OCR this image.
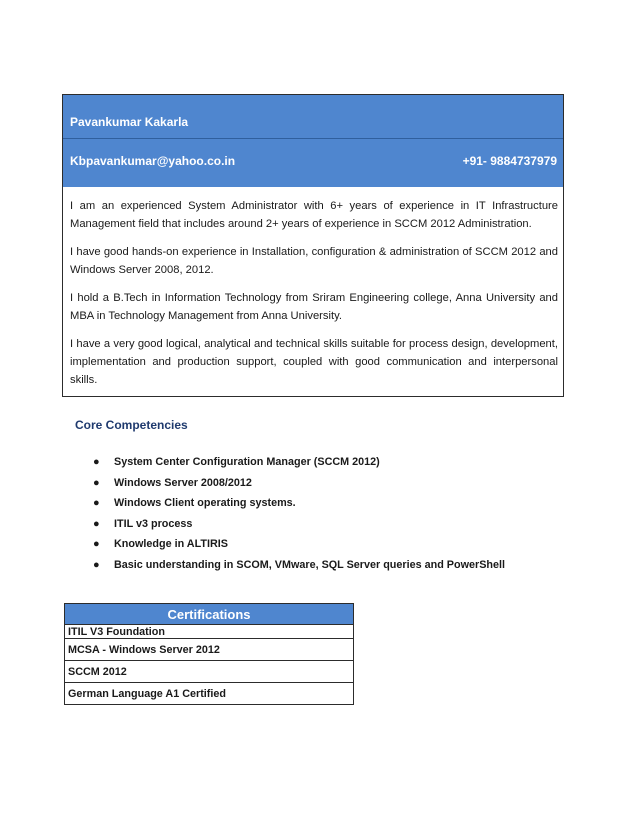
Pavankumar Kakarla
Kbpavankumar@yahoo.co.in	+91- 9884737979

I am an experienced System Administrator with 6+ years of experience in IT Infrastructure Management field that includes around 2+ years of experience in SCCM 2012 Administration.

I have good hands-on experience in Installation, configuration & administration of SCCM 2012 and Windows Server 2008, 2012.

I hold a B.Tech in Information Technology from Sriram Engineering college, Anna University and MBA in Technology Management from Anna University.

I have a very good logical, analytical and technical skills suitable for process design, development, implementation and production support, coupled with good communication and interpersonal skills.

Core Competencies
● System Center Configuration Manager (SCCM 2012)
● Windows Server 2008/2012
● Windows Client operating systems.
● ITIL v3 process
● Knowledge in ALTIRIS
● Basic understanding in SCOM, VMware, SQL Server queries and PowerShell
Certifications
ITIL V3 Foundation
MCSA - Windows Server 2012
SCCM 2012
German Language A1 Certified
